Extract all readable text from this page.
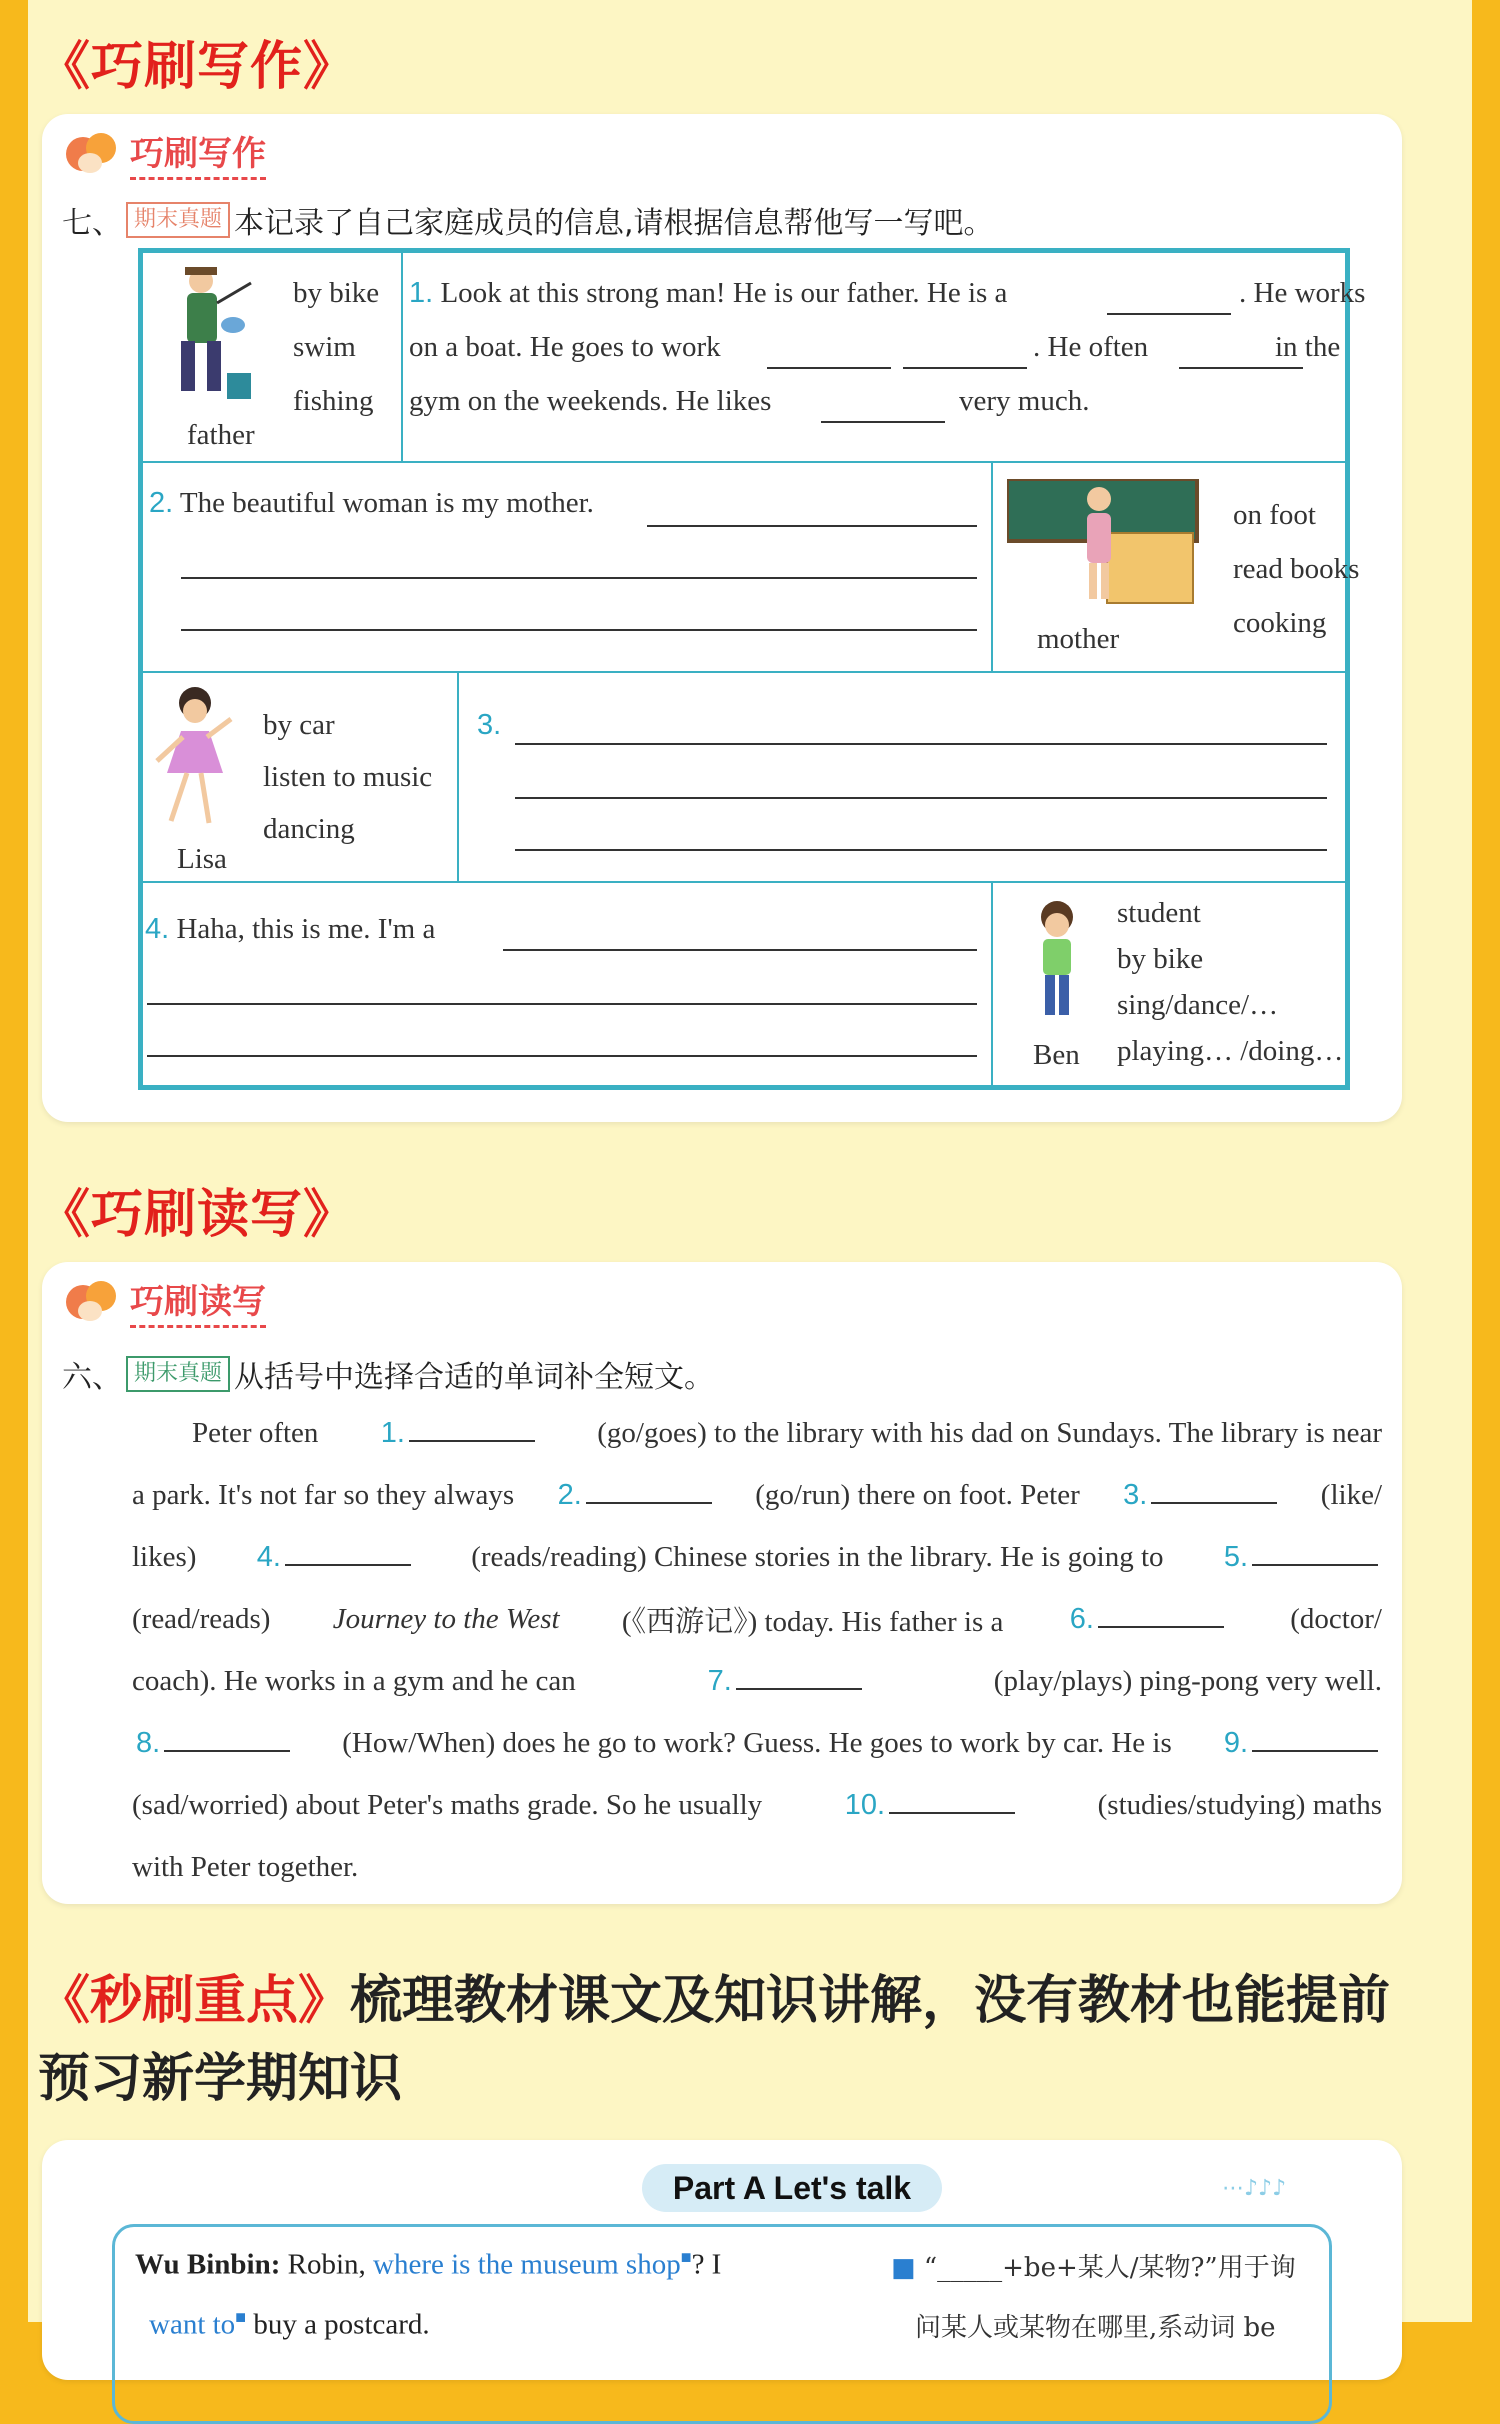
《巧刷写作》
巧刷写作
七、 期末真题 本记录了自己家庭成员的信息,请根据信息帮他写一写吧。
by bike
swim
fishing
father
1. Look at this strong man! He is our father. He is a	. He works
on a boat. He goes to work	. He often	in the
gym on the weekends. He likes	very much.
2. The beautiful woman is my mother.	on foot
read books
cooking
mother
by car
listen to music
dancing
Lisa
3.
4. Haha, this is me. I'm a	student
by bike
sing/dance/…
playing… /doing…
Ben
《巧刷读写》
巧刷读写
六、 期末真题 从括号中选择合适的单词补全短文。
Peter often 1.	(go/goes) to the library with his dad on Sundays. The library is near
a park. It's not far so they always 2.	(go/run) there on foot. Peter 3.	(like/
likes) 4.	(reads/reading) Chinese stories in the library. He is going to 5.
(read/reads) Journey to the West (《西游记》) today. His father is a 6.	(doctor/
coach). He works in a gym and he can	7.	(play/plays) ping-pong very well.
8.	(How/When) does he go to work? Guess. He goes to work by car. He is 9.
(sad/worried) about Peter's maths grade. So he usually	10.	(studies/studying) maths
with Peter together.
《秒刷重点》梳理教材课文及知识讲解，没有教材也能提前预习新学期知识
Part A Let's talk	⋯♪♪♪
Wu Binbin: Robin, where is the museum shop■? I
want to■ buy a postcard.
■ “_____+be+某人/某物?”用于询
问某人或某物在哪里,系动词 be
